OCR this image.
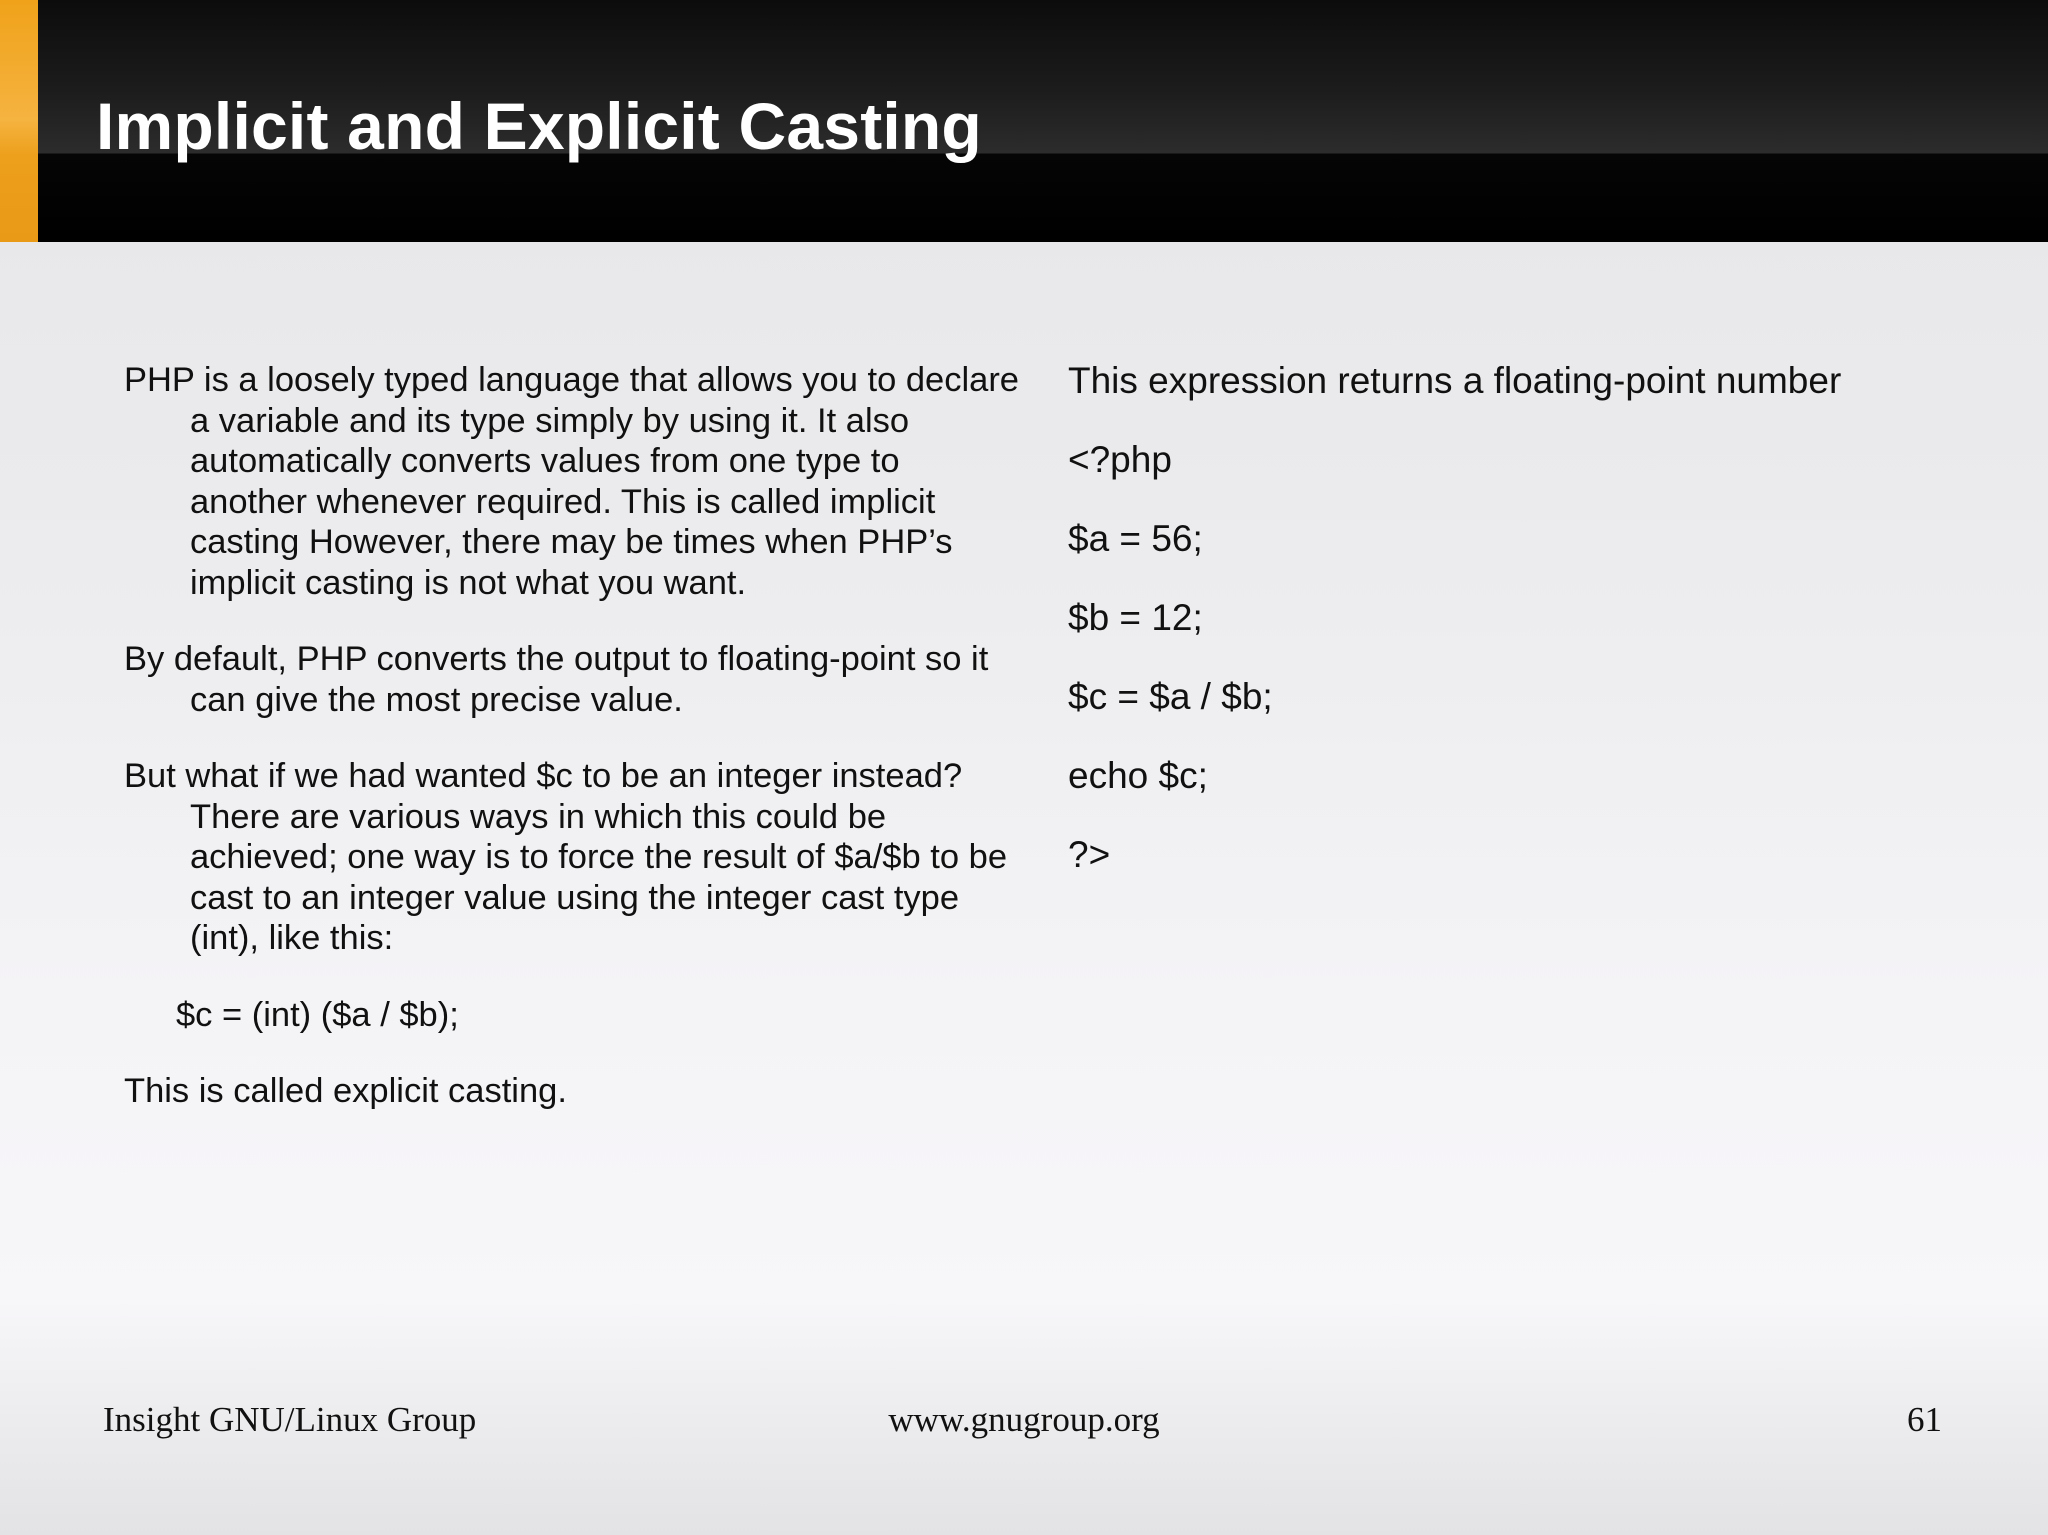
Implicit and Explicit Casting

PHP is a loosely typed language that allows you to declare a variable and its type simply by using it. It also automatically converts values from one type to another whenever required. This is called implicit casting However, there may be times when PHP’s implicit casting is not what you want.

By default, PHP converts the output to floating-point so it can give the most precise value.

But what if we had wanted $c to be an integer instead? There are various ways in which this could be achieved; one way is to force the result of $a/$b to be cast to an integer value using the integer cast type (int), like this:

$c = (int) ($a / $b);

This is called explicit casting.

This expression returns a floating-point number
<?php
$a = 56;
$b = 12;
$c = $a / $b;
echo $c;
?>
Insight GNU/Linux Group	www.gnugroup.org	61
